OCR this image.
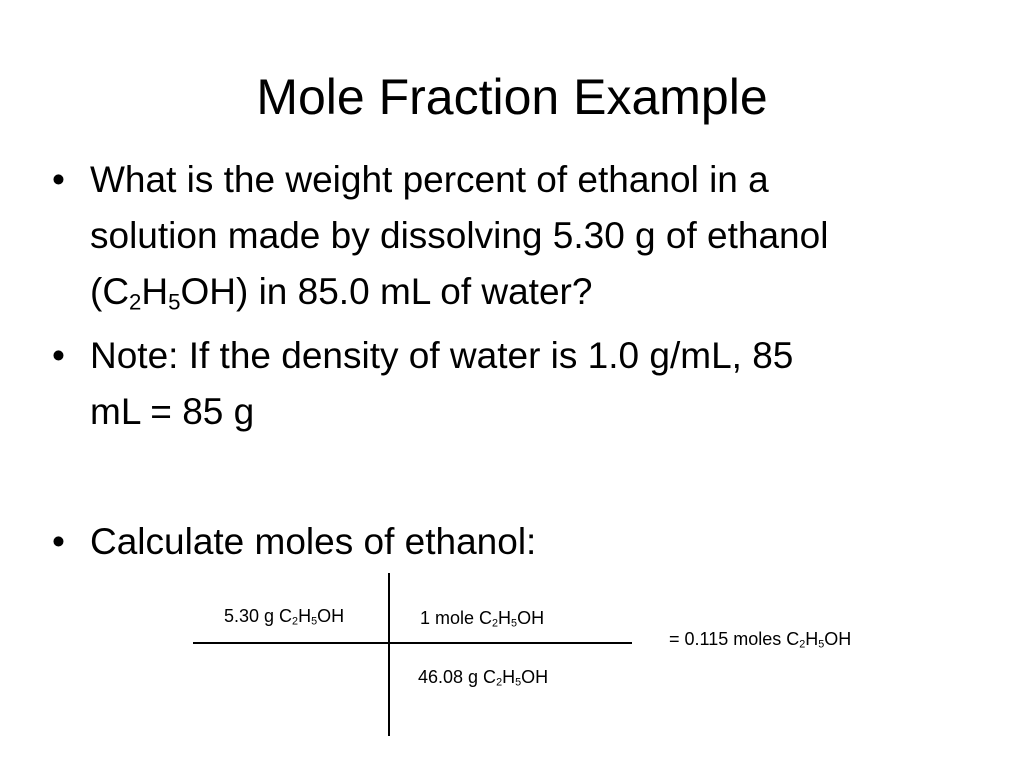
Mole Fraction Example
• What is the weight percent of ethanol in a
solution made by dissolving 5.30 g of ethanol
$(C_2H_5OH)$ in 85.0 mL of water?
• Note: If the density of water is 1.0 g/mL, 85
mL = 85 g
• Calculate moles of ethanol:
5.30 g $C_2H_5OH$	1 mole $C_2H_5OH$
46.08 g $C_2H_5OH$
= 0.115 moles $C_2H_5OH$
